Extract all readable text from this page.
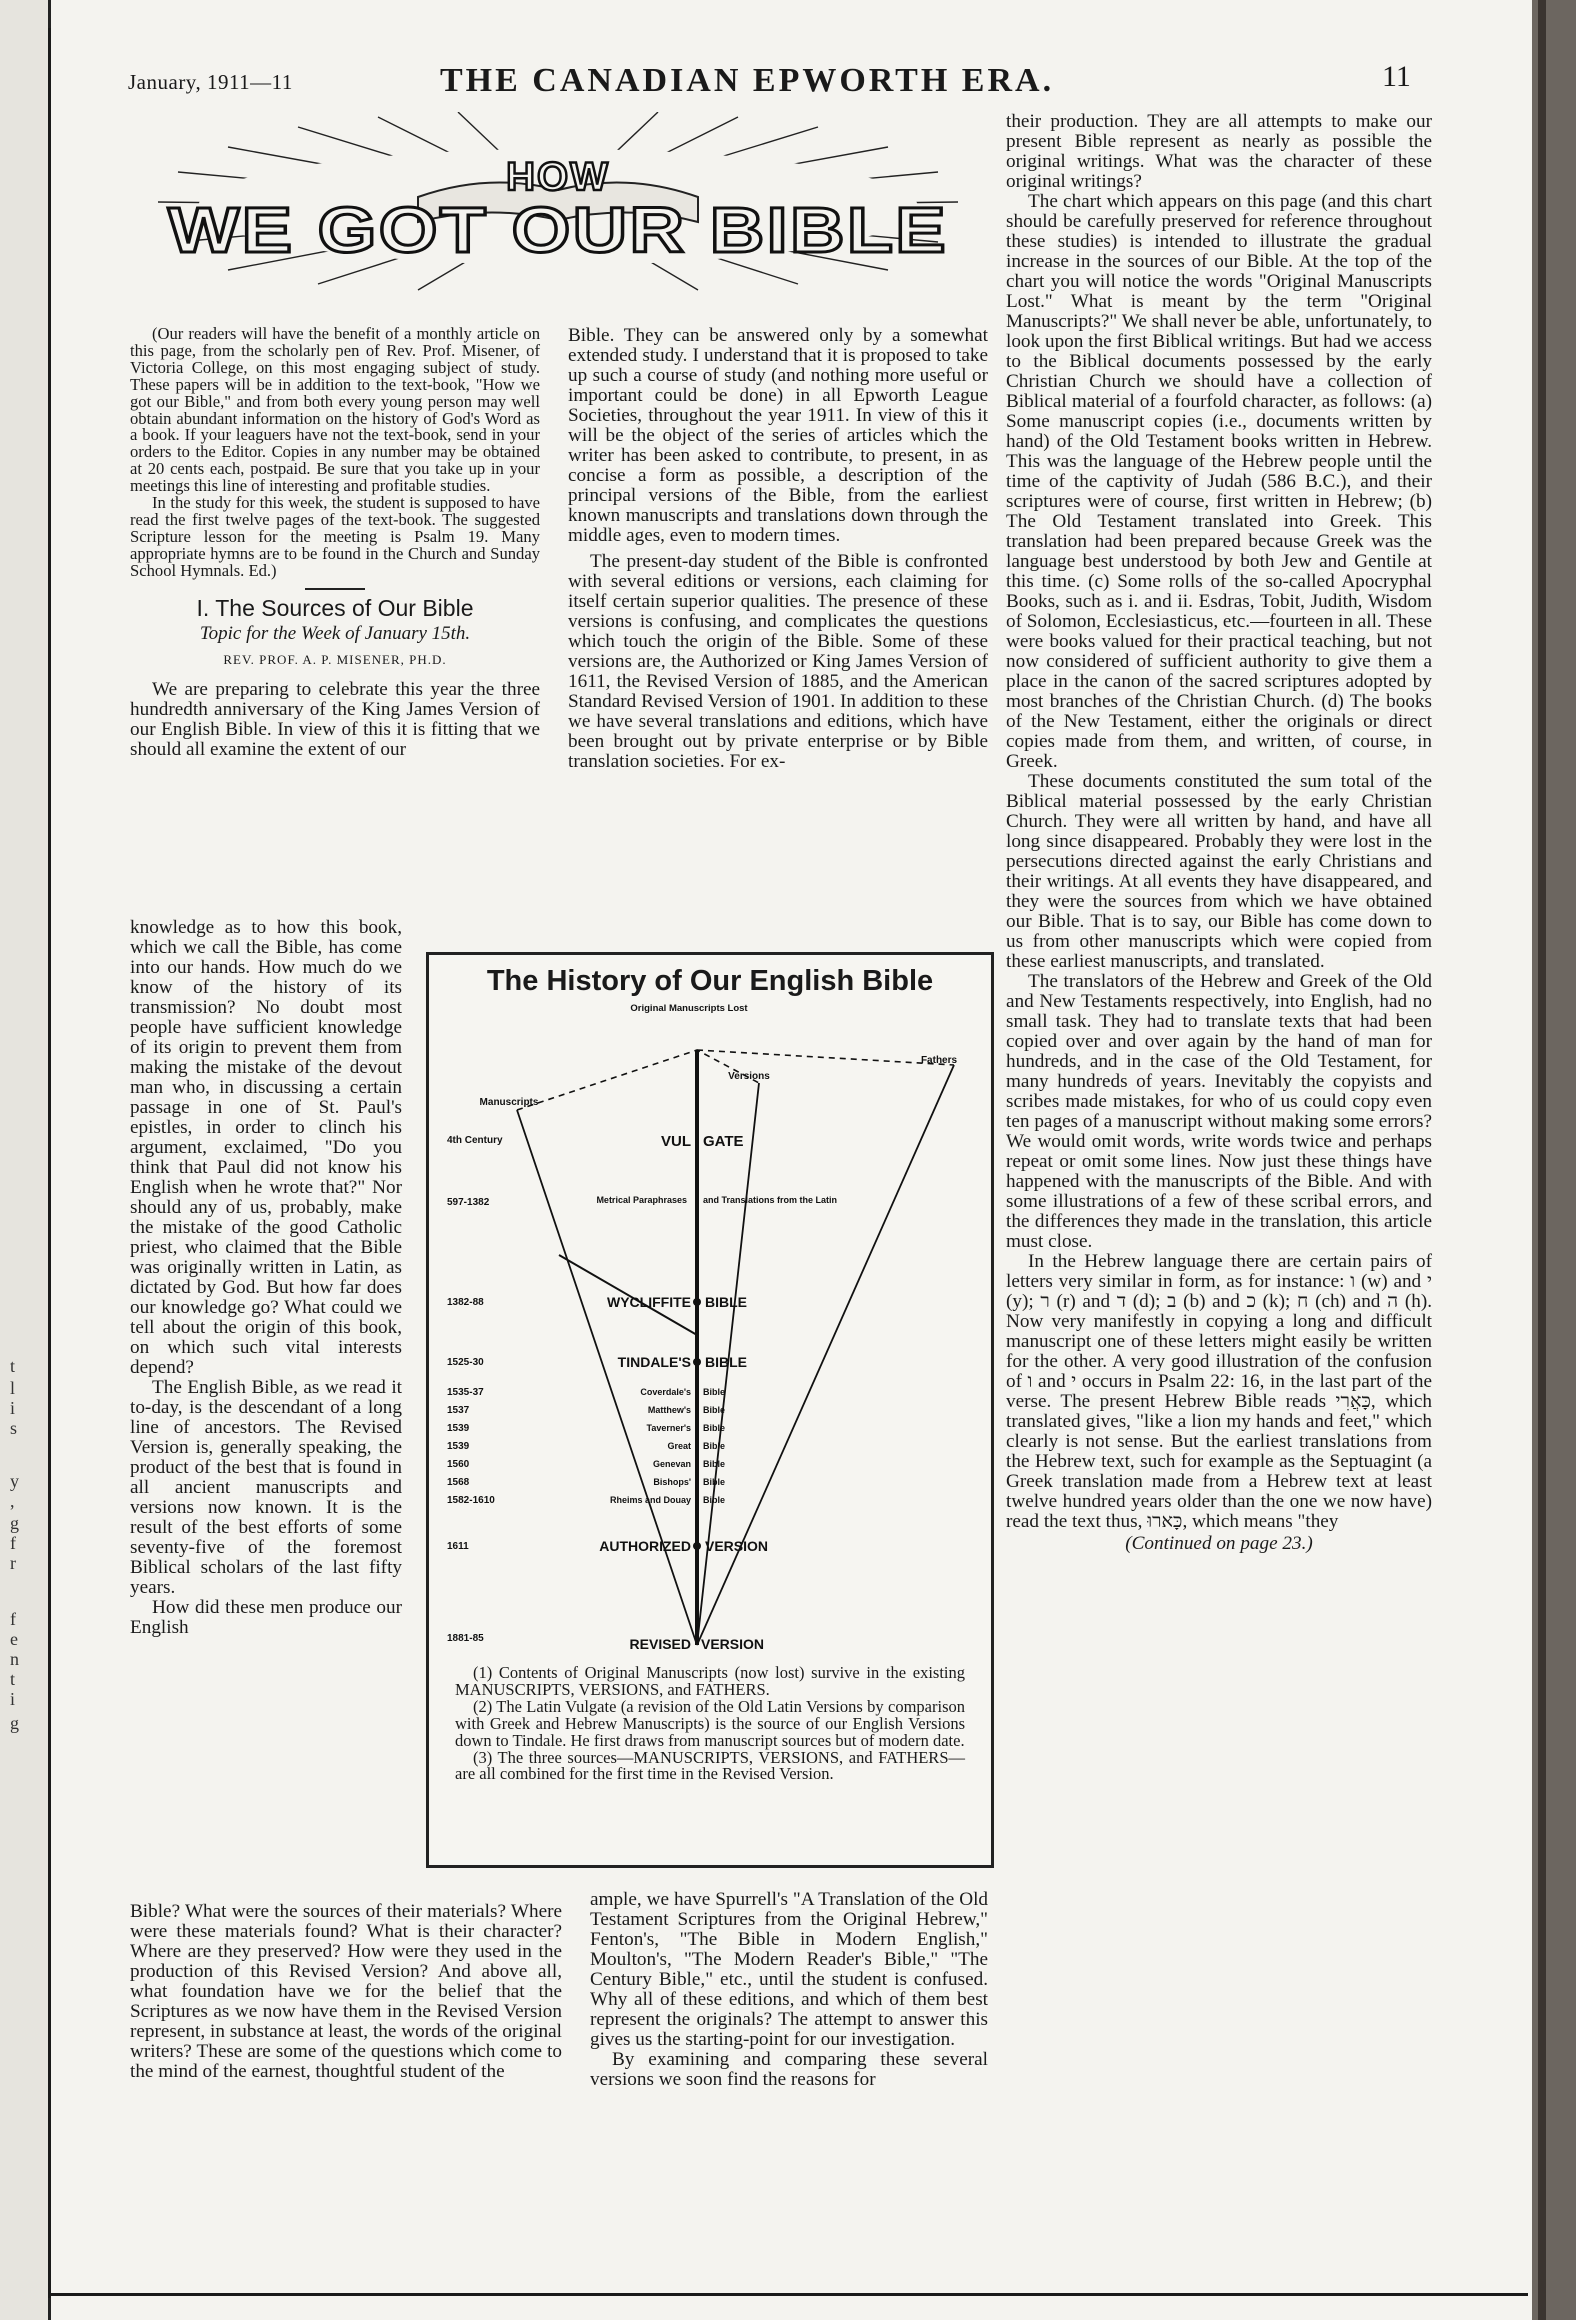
t
l
i
s
y
,
g
f
r
f
e
n
t
i
g
January, 1911—11	THE CANADIAN EPWORTH ERA.	11
HOW
WE GOT OUR BIBLE

(Our readers will have the benefit of a monthly article on this page, from the scholarly pen of Rev. Prof. Misener, of Victoria College, on this most engaging subject of study. These papers will be in addition to the text-book, "How we got our Bible," and from both every young person may well obtain abundant information on the history of God's Word as a book. If your leaguers have not the text-book, send in your orders to the Editor. Copies in any number may be obtained at 20 cents each, postpaid. Be sure that you take up in your meetings this line of interesting and profitable studies.

In the study for this week, the student is supposed to have read the first twelve pages of the text-book. The suggested Scripture lesson for the meeting is Psalm 19. Many appropriate hymns are to be found in the Church and Sunday School Hymnals. Ed.)

I. The Sources of Our Bible
Topic for the Week of January 15th.
REV. PROF. A. P. MISENER, PH.D.

We are preparing to celebrate this year the three hundredth anniversary of the King James Version of our English Bible. In view of this it is fitting that we should all examine the extent of our

knowledge as to how this book, which we call the Bible, has come into our hands. How much do we know of the history of its transmission? No doubt most people have sufficient knowledge of its origin to prevent them from making the mistake of the devout man who, in discussing a certain passage in one of St. Paul's epistles, in order to clinch his argument, exclaimed, "Do you think that Paul did not know his English when he wrote that?" Nor should any of us, probably, make the mistake of the good Catholic priest, who claimed that the Bible was originally written in Latin, as dictated by God. But how far does our knowledge go? What could we tell about the origin of this book, on which such vital interests depend?

The English Bible, as we read it to-day, is the descendant of a long line of ancestors. The Revised Version is, generally speaking, the product of the best that is found in all ancient manuscripts and versions now known. It is the result of the best efforts of some seventy-five of the foremost Biblical scholars of the last fifty years.

How did these men produce our English

Bible? What were the sources of their materials? Where were these materials found? What is their character? Where are they preserved? How were they used in the production of this Revised Version? And above all, what foundation have we for the belief that the Scriptures as we now have them in the Revised Version represent, in substance at least, the words of the original writers? These are some of the questions which come to the mind of the earnest, thoughtful student of the

Bible. They can be answered only by a somewhat extended study. I understand that it is proposed to take up such a course of study (and nothing more useful or important could be done) in all Epworth League Societies, throughout the year 1911. In view of this it will be the object of the series of articles which the writer has been asked to contribute, to present, in as concise a form as possible, a description of the principal versions of the Bible, from the earliest known manuscripts and translations down through the middle ages, even to modern times.

The present-day student of the Bible is confronted with several editions or versions, each claiming for itself certain superior qualities. The presence of these versions is confusing, and complicates the questions which touch the origin of the Bible. Some of these versions are, the Authorized or King James Version of 1611, the Revised Version of 1885, and the American Standard Revised Version of 1901. In addition to these we have several translations and editions, which have been brought out by private enterprise or by Bible translation societies. For ex-

ample, we have Spurrell's "A Translation of the Old Testament Scriptures from the Original Hebrew," Fenton's, "The Bible in Modern English," Moulton's, "The Modern Reader's Bible," "The Century Bible," etc., until the student is confused. Why all of these editions, and which of them best represent the originals? The attempt to answer this gives us the starting-point for our investigation.

By examining and comparing these several versions we soon find the reasons for

their production. They are all attempts to make our present Bible represent as nearly as possible the original writings. What was the character of these original writings?

The chart which appears on this page (and this chart should be carefully preserved for reference throughout these studies) is intended to illustrate the gradual increase in the sources of our Bible. At the top of the chart you will notice the words "Original Manuscripts Lost." What is meant by the term "Original Manuscripts?" We shall never be able, unfortunately, to look upon the first Biblical writings. But had we access to the Biblical documents possessed by the early Christian Church we should have a collection of Biblical material of a fourfold character, as follows: (a) Some manuscript copies (i.e., documents written by hand) of the Old Testament books written in Hebrew. This was the language of the Hebrew people until the time of the captivity of Judah (586 B.C.), and their scriptures were of course, first written in Hebrew; (b) The Old Testament translated into Greek. This translation had been prepared because Greek was the language best understood by both Jew and Gentile at this time. (c) Some rolls of the so-called Apocryphal Books, such as i. and ii. Esdras, Tobit, Judith, Wisdom of Solomon, Ecclesiasticus, etc.—fourteen in all. These were books valued for their practical teaching, but not now considered of sufficient authority to give them a place in the canon of the sacred scriptures adopted by most branches of the Christian Church. (d) The books of the New Testament, either the originals or direct copies made from them, and written, of course, in Greek.

These documents constituted the sum total of the Biblical material possessed by the early Christian Church. They were all written by hand, and have all long since disappeared. Probably they were lost in the persecutions directed against the early Christians and their writings. At all events they have disappeared, and they were the sources from which we have obtained our Bible. That is to say, our Bible has come down to us from other manuscripts which were copied from these earliest manuscripts, and translated.

The translators of the Hebrew and Greek of the Old and New Testaments respectively, into English, had no small task. They had to translate texts that had been copied over and over again by the hand of man for hundreds, and in the case of the Old Testament, for many hundreds of years. Inevitably the copyists and scribes made mistakes, for who of us could copy even ten pages of a manuscript without making some errors? We would omit words, write words twice and perhaps repeat or omit some lines. Now just these things have happened with the manuscripts of the Bible. And with some illustrations of a few of these scribal errors, and the differences they made in the translation, this article must close.

In the Hebrew language there are certain pairs of letters very similar in form, as for instance: ו (w) and י (y); ר (r) and ד (d); ב (b) and כ (k); ח (ch) and ה (h). Now very manifestly in copying a long and difficult manuscript one of these letters might easily be written for the other. A very good illustration of the confusion of ו and י occurs in Psalm 22: 16, in the last part of the verse. The present Hebrew Bible reads כָּאֲרִי, which translated gives, "like a lion my hands and feet," which clearly is not sense. But the earliest translations from the Hebrew text, such for example as the Septuagint (a Greek translation made from a Hebrew text at least twelve hundred years older than the one we now have) read the text thus, כָּארוּ, which means "they

(Continued on page 23.)
The History of Our English Bible
Original Manuscripts Lost
Manuscripts
Versions
Fathers
4th Century
597-1382
1382-88
1525-30
1535-37
1537
1539
1539
1560
1568
1582-1610
1611
1881-85
VUL GATE
Metrical Paraphrases and Translations from the Latin
WYCLIFFITE BIBLE
TINDALE'S BIBLE
Coverdale's Bible
Matthew's Bible
Taverner's Bible
Great Bible
Genevan Bible
Bishops' Bible
Rheims and Douay Bible
AUTHORIZED VERSION
REVISED VERSION

(1) Contents of Original Manuscripts (now lost) survive in the existing MANUSCRIPTS, VERSIONS, and FATHERS.

(2) The Latin Vulgate (a revision of the Old Latin Versions by comparison with Greek and Hebrew Manuscripts) is the source of our English Versions down to Tindale. He first draws from manuscript sources but of modern date.

(3) The three sources—MANUSCRIPTS, VERSIONS, and FATHERS—are all combined for the first time in the Revised Version.
